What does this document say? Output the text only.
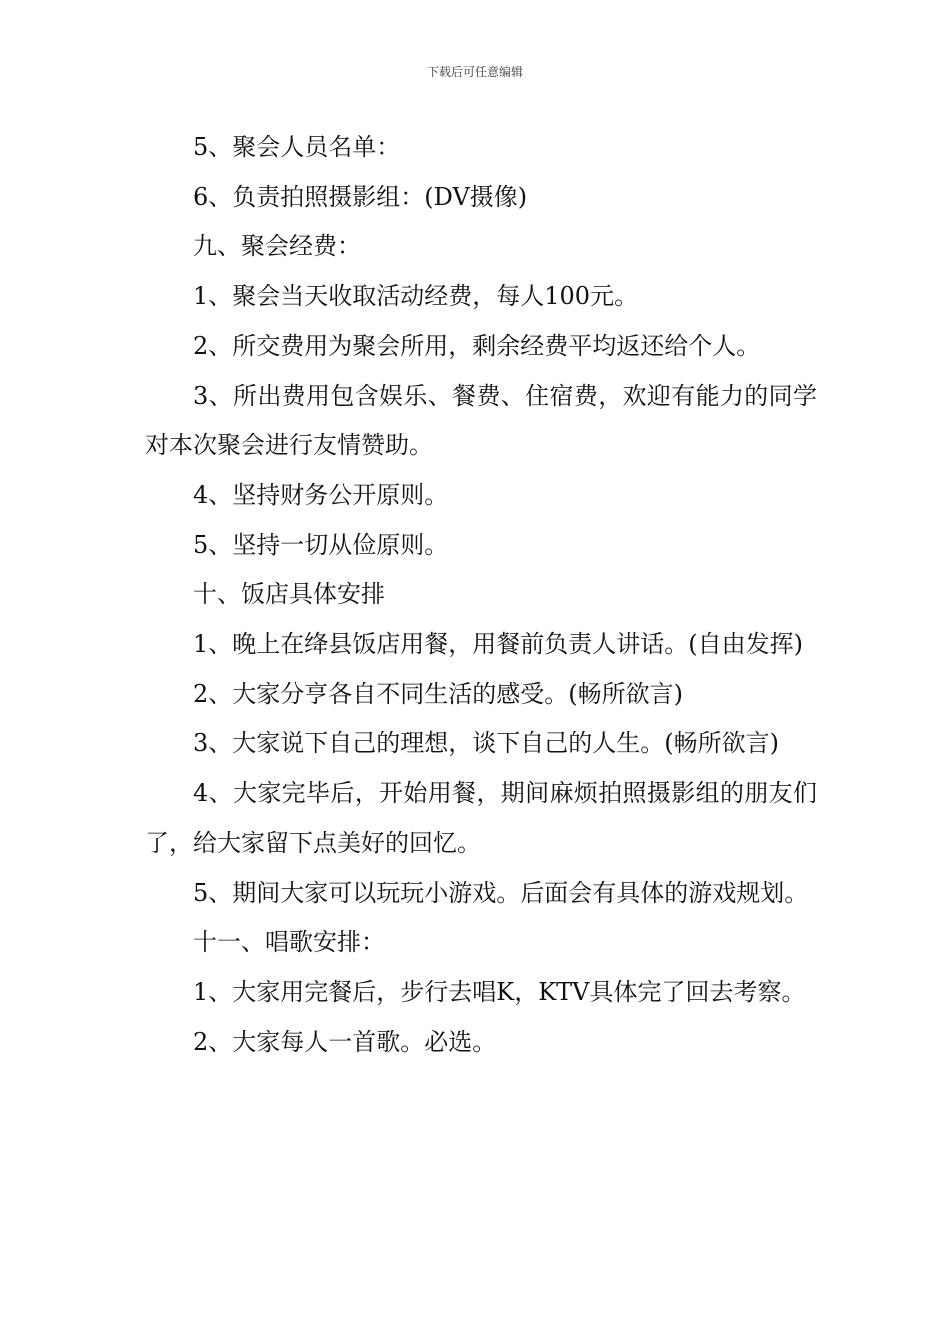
下载后可任意编辑

5、聚会人员名单：

6、负责拍照摄影组：(DV摄像)

九、聚会经费：

1、聚会当天收取活动经费，每人100元。

2、所交费用为聚会所用，剩余经费平均返还给个人。

3、所出费用包含娱乐、餐费、住宿费，欢迎有能力的同学对本次聚会进行友情赞助。

4、坚持财务公开原则。

5、坚持一切从俭原则。

十、饭店具体安排

1、晚上在绛县饭店用餐，用餐前负责人讲话。(自由发挥)

2、大家分亨各自不同生活的感受。(畅所欲言)

3、大家说下自己的理想，谈下自己的人生。(畅所欲言)

4、大家完毕后，开始用餐，期间麻烦拍照摄影组的朋友们了，给大家留下点美好的回忆。

5、期间大家可以玩玩小游戏。后面会有具体的游戏规划。

十一、唱歌安排：

1、大家用完餐后，步行去唱K，KTV具体完了回去考察。

2、大家每人一首歌。必选。
